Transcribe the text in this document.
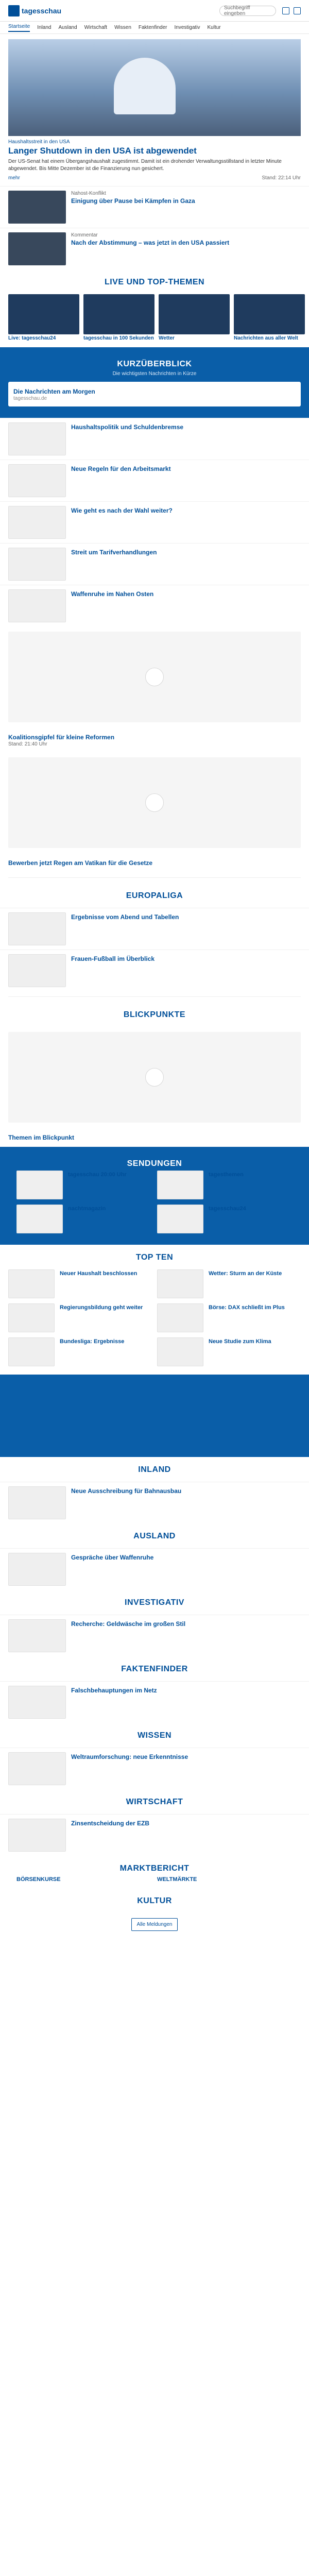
tagesschau	Suchbegriff eingeben
Startseite Inland Ausland Wirtschaft Wissen Faktenfinder Investigativ Kultur
Haushaltsstreit in den USA
Langer Shutdown in den USA ist abgewendet
Der US-Senat hat einem Übergangshaushalt zugestimmt. Damit ist ein drohender Verwaltungsstillstand in letzter Minute abgewendet. Bis Mitte Dezember ist die Finanzierung nun gesichert.
mehr	Stand: 22:14 Uhr
Nahost-Konflikt
Einigung über Pause bei Kämpfen in Gaza
Kommentar
Nach der Abstimmung – was jetzt in den USA passiert
LIVE UND TOP-THEMEN
Live: tagesschau24	tagesschau in 100 Sekunden Wetter	Nachrichten aus aller Welt
KURZÜBERBLICK
Die wichtigsten Nachrichten in Kürze
Die Nachrichten am Morgen
tagesschau.de
Haushaltspolitik und Schuldenbremse
Neue Regeln für den Arbeitsmarkt
Wie geht es nach der Wahl weiter?
Streit um Tarifverhandlungen
Waffenruhe im Nahen Osten
Koalitionsgipfel für kleine Reformen
Stand: 21:40 Uhr
Bewerben jetzt Regen am Vatikan für die Gesetze
EUROPALIGA
Ergebnisse vom Abend und Tabellen
Frauen-Fußball im Überblick
BLICKPUNKTE
Themen im Blickpunkt
SENDUNGEN
tagesschau 20:00 Uhr	tagesthemen
nachtmagazin	tagesschau24
TOP TEN
Neuer Haushalt beschlossen	Wetter: Sturm an der Küste
Regierungsbildung geht weiter	Börse: DAX schließt im Plus
Bundesliga: Ergebnisse	Neue Studie zum Klima
INLAND
Neue Ausschreibung für Bahnausbau
AUSLAND
Gespräche über Waffenruhe
INVESTIGATIV
Recherche: Geldwäsche im großen Stil
FAKTENFINDER
Falschbehauptungen im Netz
WISSEN
Weltraumforschung: neue Erkenntnisse
WIRTSCHAFT
Zinsentscheidung der EZB
MARKTBERICHT
BÖRSENKURSE	WELTMÄRKTE
KULTUR
Alle Meldungen
